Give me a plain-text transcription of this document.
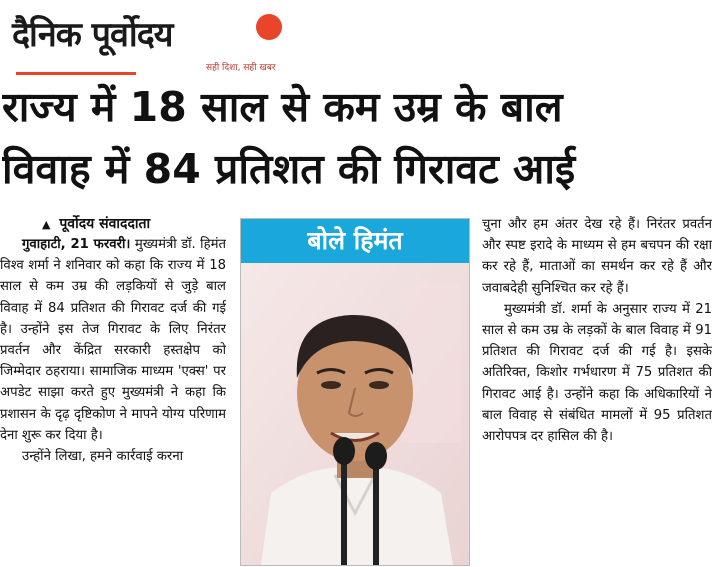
दैनिक पूर्वोदय
सही दिशा, सही खबर
राज्य में 18 साल से कम उम्र के बाल
विवाह में 84 प्रतिशत की गिरावट आई
▲ पूर्वोदय संवाददाता

गुवाहाटी, 21 फरवरी। मुख्यमंत्री डॉ. हिमंत विश्व शर्मा ने शनिवार को कहा कि राज्य में 18 साल से कम उम्र की लड़कियों से जुड़े बाल विवाह में 84 प्रतिशत की गिरावट दर्ज की गई है। उन्होंने इस तेज गिरावट के लिए निरंतर प्रवर्तन और केंद्रित सरकारी हस्तक्षेप को जिम्मेदार ठहराया। सामाजिक माध्यम 'एक्स' पर अपडेट साझा करते हुए मुख्यमंत्री ने कहा कि प्रशासन के दृढ़ दृष्टिकोण ने मापने योग्य परिणाम देना शुरू कर दिया है।

उन्होंने लिखा, हमने कार्रवाई करना

बोले हिमंत

चुना और हम अंतर देख रहे हैं। निरंतर प्रवर्तन और स्पष्ट इरादे के माध्यम से हम बचपन की रक्षा कर रहे हैं, माताओं का समर्थन कर रहे हैं और जवाबदेही सुनिश्चित कर रहे हैं।

मुख्यमंत्री डॉ. शर्मा के अनुसार राज्य में 21 साल से कम उम्र के लड़कों के बाल विवाह में 91 प्रतिशत की गिरावट दर्ज की गई है। इसके अतिरिक्त, किशोर गर्भधारण में 75 प्रतिशत की गिरावट आई है। उन्होंने कहा कि अधिकारियों ने बाल विवाह से संबंधित मामलों में 95 प्रतिशत आरोपपत्र दर हासिल की है।
